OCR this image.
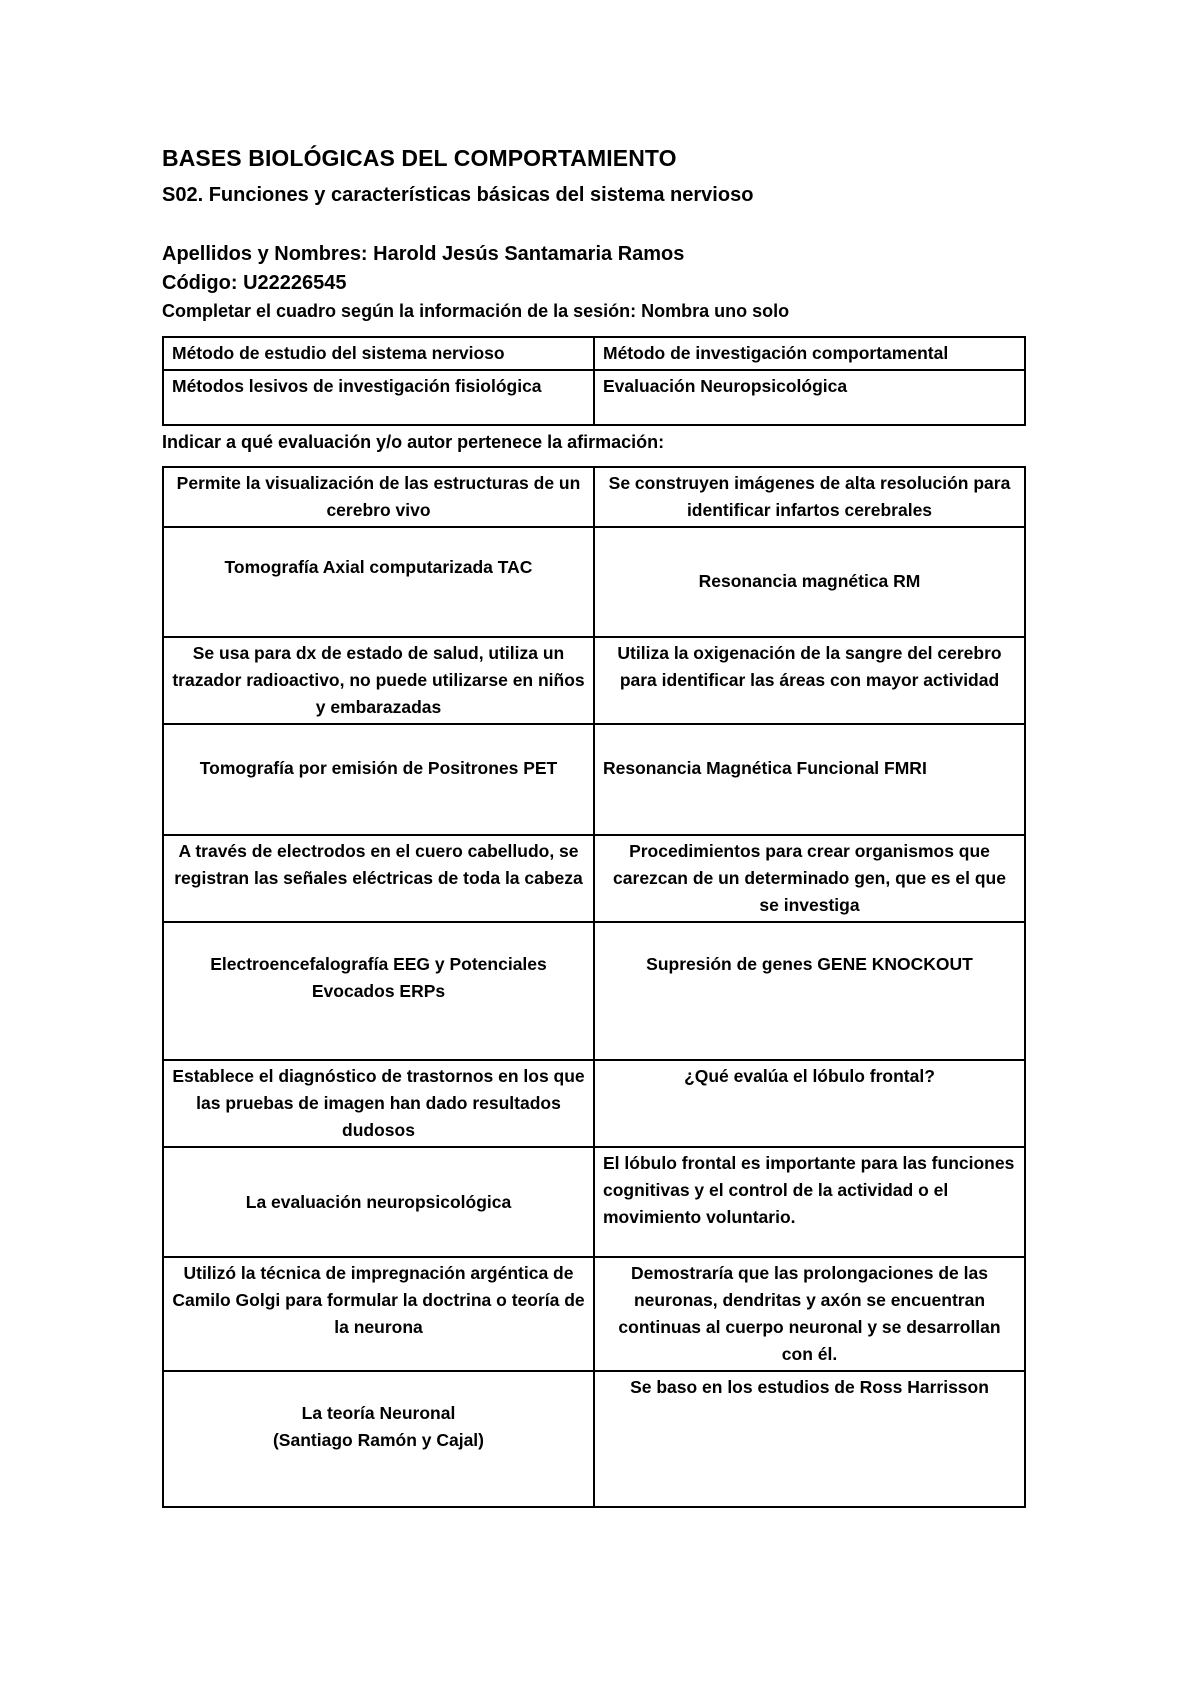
BASES BIOLÓGICAS DEL COMPORTAMIENTO
S02. Funciones y características básicas del sistema nervioso
Apellidos y Nombres: Harold Jesús Santamaria Ramos
Código: U22226545
Completar el cuadro según la información de la sesión: Nombra uno solo
Método de estudio del sistema nervioso	Método de investigación comportamental
Métodos lesivos de investigación fisiológica	Evaluación Neuropsicológica
Indicar a qué evaluación y/o autor pertenece la afirmación:
Permite la visualización de las estructuras de un cerebro vivo	Se construyen imágenes de alta resolución para identificar infartos cerebrales
Tomografía Axial computarizada TAC	Resonancia magnética RM
Se usa para dx de estado de salud, utiliza un trazador radioactivo, no puede utilizarse en niños y embarazadas	Utiliza la oxigenación de la sangre del cerebro para identificar las áreas con mayor actividad
Tomografía por emisión de Positrones PET	Resonancia Magnética Funcional FMRI
A través de electrodos en el cuero cabelludo, se registran las señales eléctricas de toda la cabeza	Procedimientos para crear organismos que carezcan de un determinado gen, que es el que se investiga
Electroencefalografía EEG y Potenciales Evocados ERPs	Supresión de genes GENE KNOCKOUT
Establece el diagnóstico de trastornos en los que las pruebas de imagen han dado resultados dudosos	¿Qué evalúa el lóbulo frontal?
La evaluación neuropsicológica	El lóbulo frontal es importante para las funciones cognitivas y el control de la actividad o el movimiento voluntario.
Utilizó la técnica de impregnación argéntica de Camilo Golgi para formular la doctrina o teoría de la neurona	Demostraría que las prolongaciones de las neuronas, dendritas y axón se encuentran continuas al cuerpo neuronal y se desarrollan con él.

La teoría Neuronal
(Santiago Ramón y Cajal)	Se baso en los estudios de Ross Harrisson
